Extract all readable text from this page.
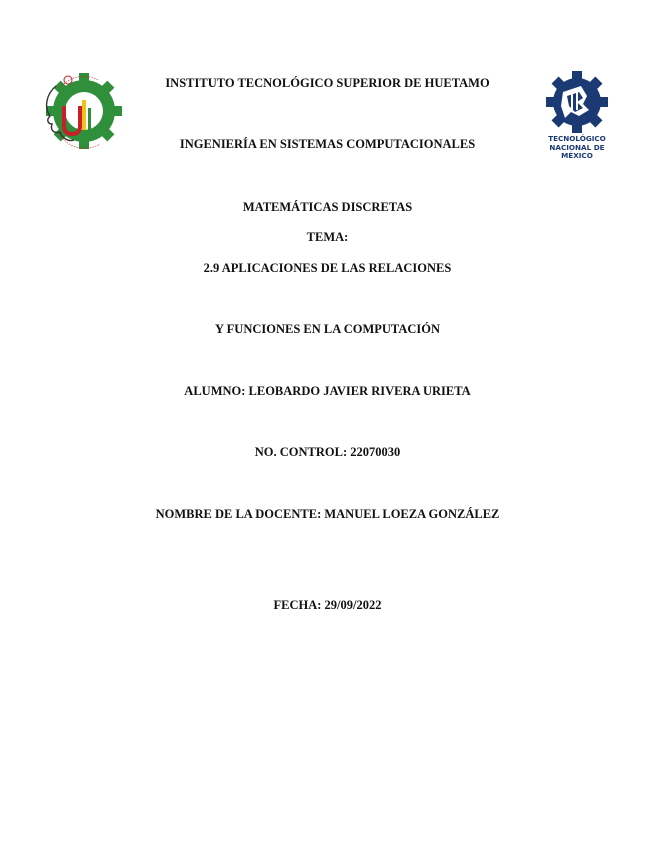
TECNOLÓGICO
NACIONAL DE MÉXICO
INSTITUTO TECNOLÓGICO SUPERIOR DE HUETAMO
INGENIERÍA EN SISTEMAS COMPUTACIONALES
MATEMÁTICAS DISCRETAS
TEMA:
2.9 APLICACIONES DE LAS RELACIONES
Y FUNCIONES EN LA COMPUTACIÓN
ALUMNO: LEOBARDO JAVIER RIVERA URIETA
NO. CONTROL: 22070030
NOMBRE DE LA DOCENTE: MANUEL LOEZA GONZÁLEZ
FECHA: 29/09/2022
